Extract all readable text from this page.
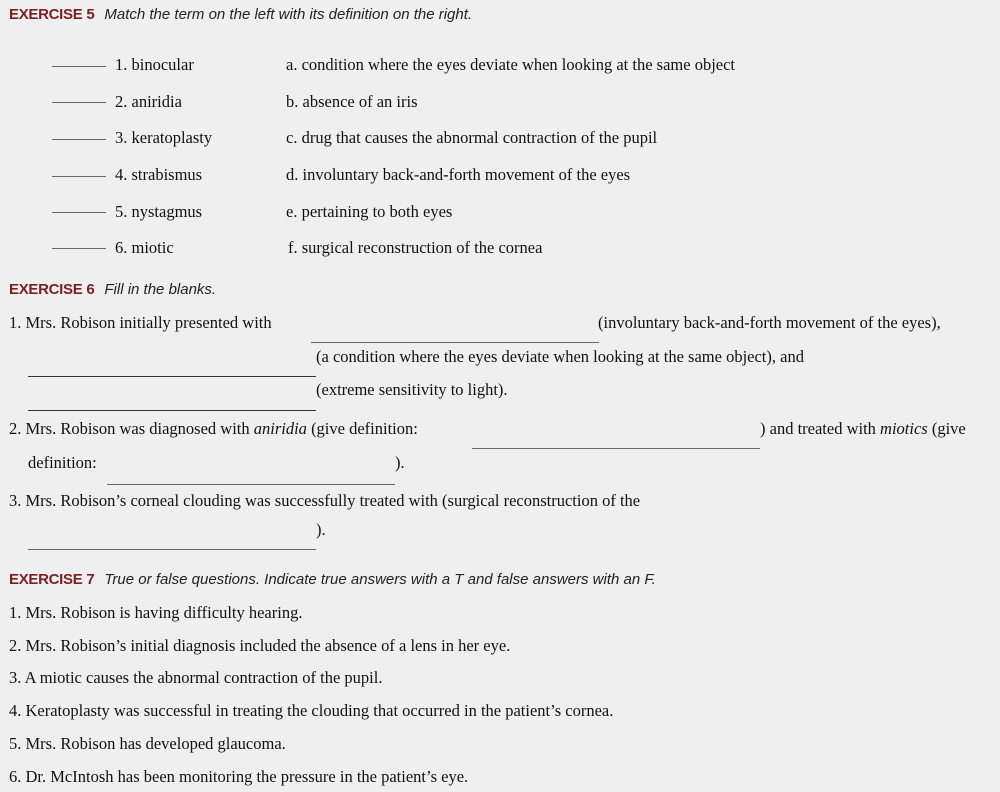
EXERCISE 5 Match the term on the left with its definition on the right.
1. binocular	a. condition where the eyes deviate when looking at the same object
2. aniridia	b. absence of an iris
3. keratoplasty	c. drug that causes the abnormal contraction of the pupil
4. strabismus	d. involuntary back-and-forth movement of the eyes
5. nystagmus	e. pertaining to both eyes
6. miotic	f. surgical reconstruction of the cornea
EXERCISE 6 Fill in the blanks.
1. Mrs. Robison initially presented with	(involuntary back-and-forth movement of the eyes),
(a condition where the eyes deviate when looking at the same object), and
(extreme sensitivity to light).
2. Mrs. Robison was diagnosed with aniridia (give definition:	) and treated with miotics (give
definition:	).
3. Mrs. Robison’s corneal clouding was successfully treated with (surgical reconstruction of the
).
EXERCISE 7 True or false questions. Indicate true answers with a T and false answers with an F.
1. Mrs. Robison is having difficulty hearing.
2. Mrs. Robison’s initial diagnosis included the absence of a lens in her eye.
3. A miotic causes the abnormal contraction of the pupil.
4. Keratoplasty was successful in treating the clouding that occurred in the patient’s cornea.
5. Mrs. Robison has developed glaucoma.
6. Dr. McIntosh has been monitoring the pressure in the patient’s eye.
